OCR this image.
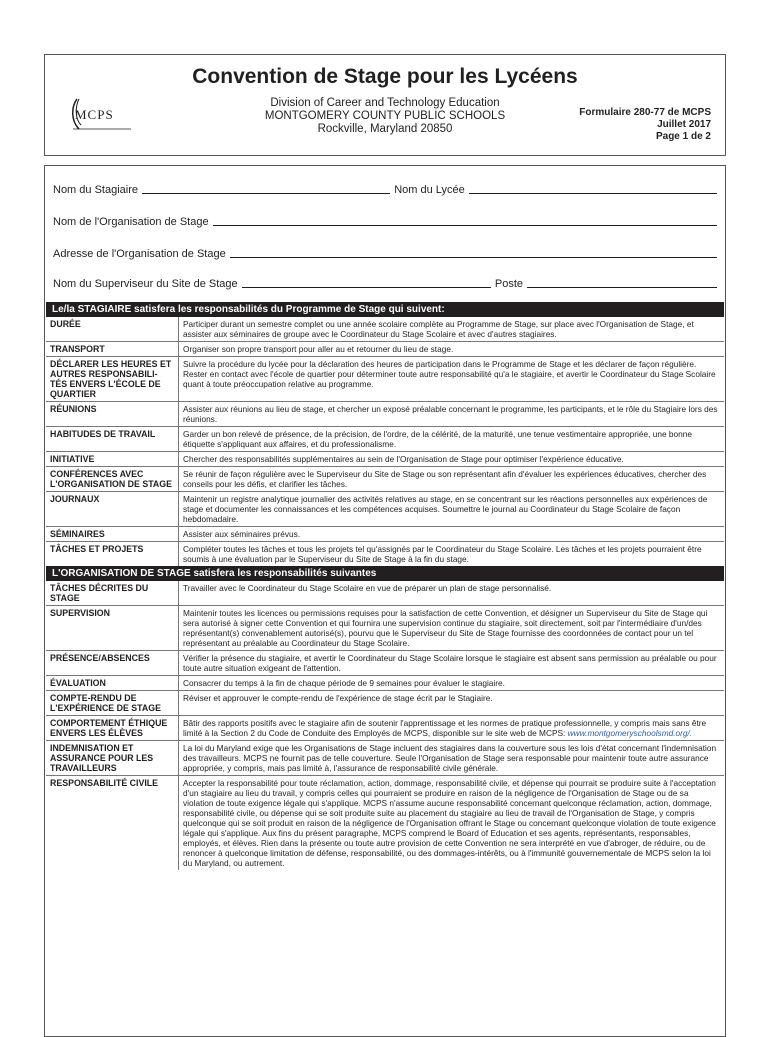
Convention de Stage pour les Lycéens
MCPS
Division of Career and Technology Education
MONTGOMERY COUNTY PUBLIC SCHOOLS
Rockville, Maryland 20850
Formulaire 280-77 de MCPS
Juillet 2017
Page 1 de 2
Nom du Stagiaire	Nom du Lycée
Nom de l'Organisation de Stage
Adresse de l'Organisation de Stage
Nom du Superviseur du Site de Stage	Poste
Le/la STAGIAIRE satisfera les responsabilités du Programme de Stage qui suivent:
DURÉE	Participer durant un semestre complet ou une année scolaire complète au Programme de Stage, sur place avec l'Organisation de Stage, et assister aux séminaires de groupe avec le Coordinateur du Stage Scolaire et avec d'autres stagiaires.
TRANSPORT	Organiser son propre transport pour aller au et retourner du lieu de stage.
DÉCLARER LES HEURES ET AUTRES RESPONSABILI-TÉS ENVERS L'ÉCOLE DE QUARTIER	Suivre la procédure du lycée pour la déclaration des heures de participation dans le Programme de Stage et les déclarer de façon régulière. Rester en contact avec l'école de quartier pour déterminer toute autre responsabilité qu'a le stagiaire, et avertir le Coordinateur du Stage Scolaire quant à toute préoccupation relative au programme.
RÉUNIONS	Assister aux réunions au lieu de stage, et chercher un exposé préalable concernant le programme, les participants, et le rôle du Stagiaire lors des réunions.
HABITUDES DE TRAVAIL	Garder un bon relevé de présence, de la précision, de l'ordre, de la célérité, de la maturité, une tenue vestimentaire appropriée, une bonne étiquette s'appliquant aux affaires, et du professionalisme.
INITIATIVE	Chercher des responsabilités supplémentaires au sein de l'Organisation de Stage pour optimiser l'expérience éducative.
CONFÉRENCES AVEC L'ORGANISATION DE STAGE	Se réunir de façon régulière avec le Superviseur du Site de Stage ou son représentant afin d'évaluer les expériences éducatives, chercher des conseils pour les défis, et clarifier les tâches.
JOURNAUX	Maintenir un registre analytique journalier des activités relatives au stage, en se concentrant sur les réactions personnelles aux expériences de stage et documenter les connaissances et les compétences acquises. Soumettre le journal au Coordinateur du Stage Scolaire de façon hebdomadaire.
SÉMINAIRES	Assister aux séminaires prévus.
TÂCHES ET PROJETS	Compléter toutes les tâches et tous les projets tel qu'assignés par le Coordinateur du Stage Scolaire. Les tâches et les projets pourraient être soumis à une évaluation par le Superviseur du Site de Stage à la fin du stage.
L'ORGANISATION DE STAGE satisfera les responsabilités suivantes
TÂCHES DÉCRITES DU STAGE	Travailler avec le Coordinateur du Stage Scolaire en vue de préparer un plan de stage personnalisé.
SUPERVISION	Maintenir toutes les licences ou permissions requises pour la satisfaction de cette Convention, et désigner un Superviseur du Site de Stage qui sera autorisé à signer cette Convention et qui fournira une supervision continue du stagiaire, soit directement, soit par l'intermédiaire d'un/des représentant(s) convenablement autorisé(s), pourvu que le Superviseur du Site de Stage fournisse des coordonnées de contact pour un tel représentant au préalable au Coordinateur du Stage Scolaire.
PRÉSENCE/ABSENCES	Vérifier la présence du stagiaire, et avertir le Coordinateur du Stage Scolaire lorsque le stagiaire est absent sans permission au préalable ou pour toute autre situation exigeant de l'attention.
ÉVALUATION	Consacrer du temps à la fin de chaque période de 9 semaines pour évaluer le stagiaire.
COMPTE-RENDU DE L'EXPÉRIENCE DE STAGE	Réviser et approuver le compte-rendu de l'expérience de stage écrit par le Stagiaire.
COMPORTEMENT ÉTHIQUE ENVERS LES ÉLÈVES	Bâtir des rapports positifs avec le stagiaire afin de soutenir l'apprentissage et les normes de pratique professionnelle, y compris mais sans être limité à la Section 2 du Code de Conduite des Employés de MCPS, disponible sur le site web de MCPS: www.montgomeryschoolsmd.org/.
INDEMNISATION ET ASSURANCE POUR LES TRAVAILLEURS	La loi du Maryland exige que les Organisations de Stage incluent des stagiaires dans la couverture sous les lois d'état concernant l'indemnisation des travailleurs. MCPS ne fournit pas de telle couverture. Seule l'Organisation de Stage sera responsable pour maintenir toute autre assurance appropriée, y compris, mais pas limité à, l'assurance de responsabilité civile générale.
RESPONSABILITÉ CIVILE	Accepter la responsabilité pour toute réclamation, action, dommage, responsabilité civile, et dépense qui pourrait se produire suite à l'acceptation d'un stagiaire au lieu du travail, y compris celles qui pourraient se produire en raison de la négligence de l'Organisation de Stage ou de sa violation de toute exigence légale qui s'applique. MCPS n'assume aucune responsabilité concernant quelconque réclamation, action, dommage, responsabilité civile, ou dépense qui se soit produite suite au placement du stagiaire au lieu de travail de l'Organisation de Stage, y compris quelconque qui se soit produit en raison de la négligence de l'Organisation offrant le Stage ou concernant quelconque violation de toute exigence légale qui s'applique. Aux fins du présent paragraphe, MCPS comprend le Board of Education et ses agents, représentants, responsables, employés, et élèves. Rien dans la présente ou toute autre provision de cette Convention ne sera interprété en vue d'abroger, de réduire, ou de renoncer à quelconque limitation de défense, responsabilité, ou des dommages-intérêts, ou à l'immunité gouvernementale de MCPS selon la loi du Maryland, ou autrement.
